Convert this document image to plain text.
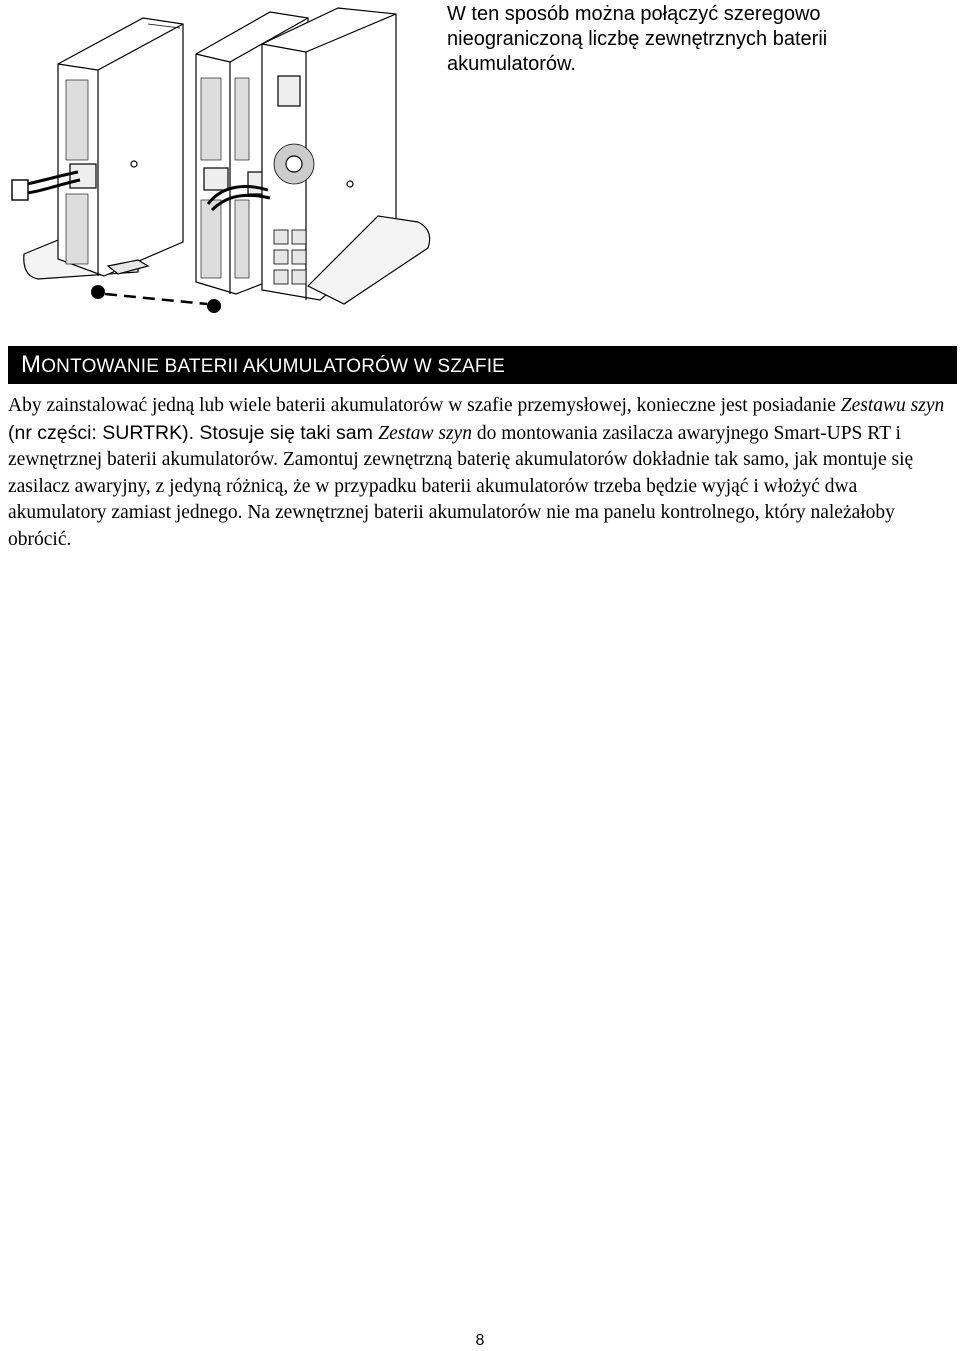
W ten sposób można połączyć szeregowo nieograniczoną liczbę zewnętrznych baterii akumulatorów.
MONTOWANIE BATERII AKUMULATORÓW W SZAFIE

Aby zainstalować jedną lub wiele baterii akumulatorów w szafie przemysłowej, konieczne jest posiadanie Zestawu szyn (nr części: SURTRK). Stosuje się taki sam Zestaw szyn do montowania zasilacza awaryjnego Smart-UPS RT i zewnętrznej baterii akumulatorów. Zamontuj zewnętrzną baterię akumulatorów dokładnie tak samo, jak montuje się zasilacz awaryjny, z jedyną różnicą, że w przypadku baterii akumulatorów trzeba będzie wyjąć i włożyć dwa akumulatory zamiast jednego. Na zewnętrznej baterii akumulatorów nie ma panelu kontrolnego, który należałoby obrócić.

8
